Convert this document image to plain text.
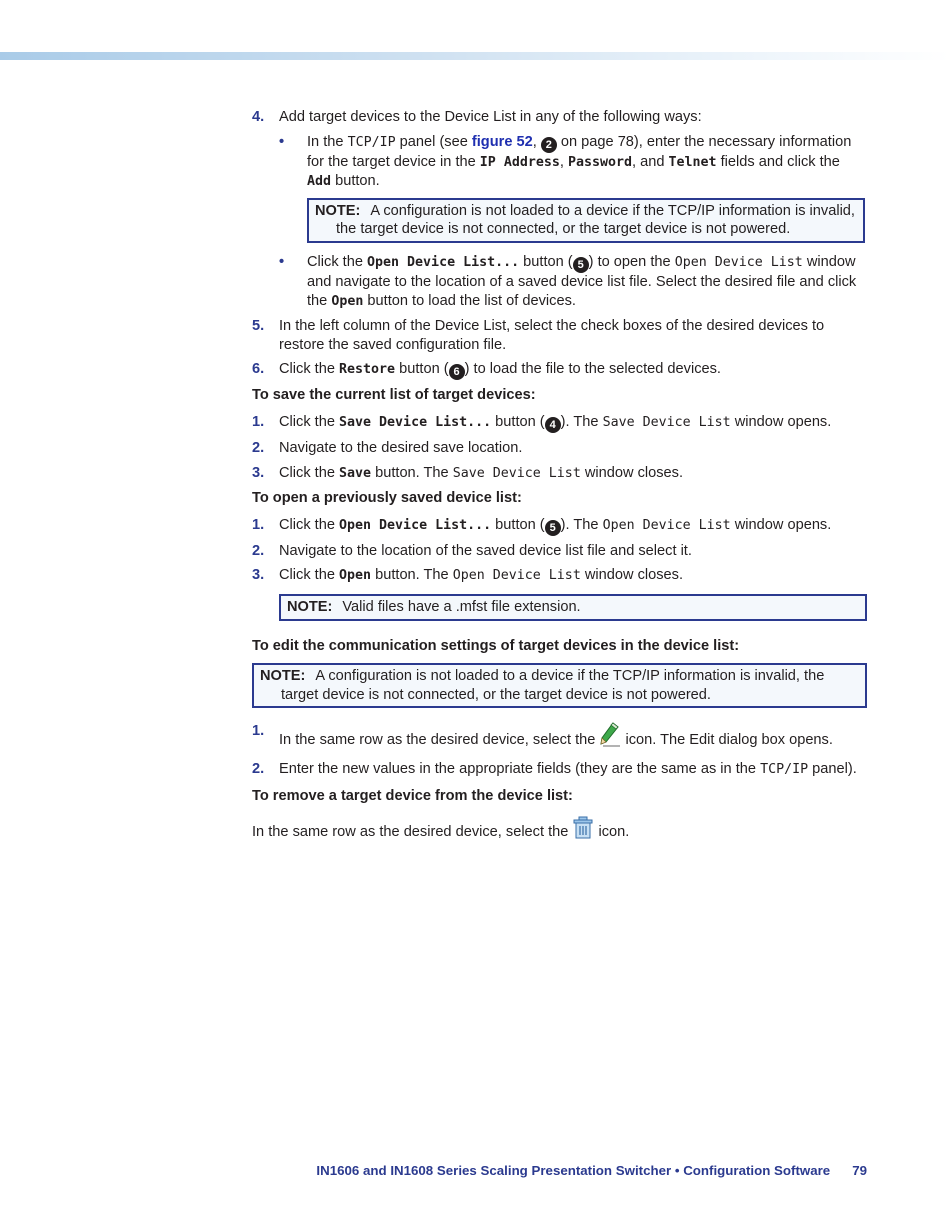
4. Add target devices to the Device List in any of the following ways:
• In the TCP/IP panel (see figure 52, 2 on page 78), enter the necessary information for the target device in the IP Address, Password, and Telnet fields and click the Add button.
NOTE: A configuration is not loaded to a device if the TCP/IP information is invalid, the target device is not connected, or the target device is not powered.
• Click the Open Device List... button ( 5 ) to open the Open Device List window and navigate to the location of a saved device list file. Select the desired file and click the Open button to load the list of devices.
5. In the left column of the Device List, select the check boxes of the desired devices to restore the saved configuration file.
6. Click the Restore button ( 6 ) to load the file to the selected devices.
To save the current list of target devices:
1. Click the Save Device List... button ( 4 ). The Save Device List window opens.
2. Navigate to the desired save location.
3. Click the Save button. The Save Device List window closes.
To open a previously saved device list:
1. Click the Open Device List... button ( 5 ). The Open Device List window opens.
2. Navigate to the location of the saved device list file and select it.
3. Click the Open button. The Open Device List window closes.
NOTE: Valid files have a .mfst file extension.
To edit the communication settings of target devices in the device list:
NOTE: A configuration is not loaded to a device if the TCP/IP information is invalid, the target device is not connected, or the target device is not powered.
1.
In the same row as the desired device, select the  icon. The Edit dialog box opens.
2. Enter the new values in the appropriate fields (they are the same as in the TCP/IP panel).
To remove a target device from the device list:
In the same row as the desired device, select the  icon.
IN1606 and IN1608 Series Scaling Presentation Switcher • Configuration Software 79
